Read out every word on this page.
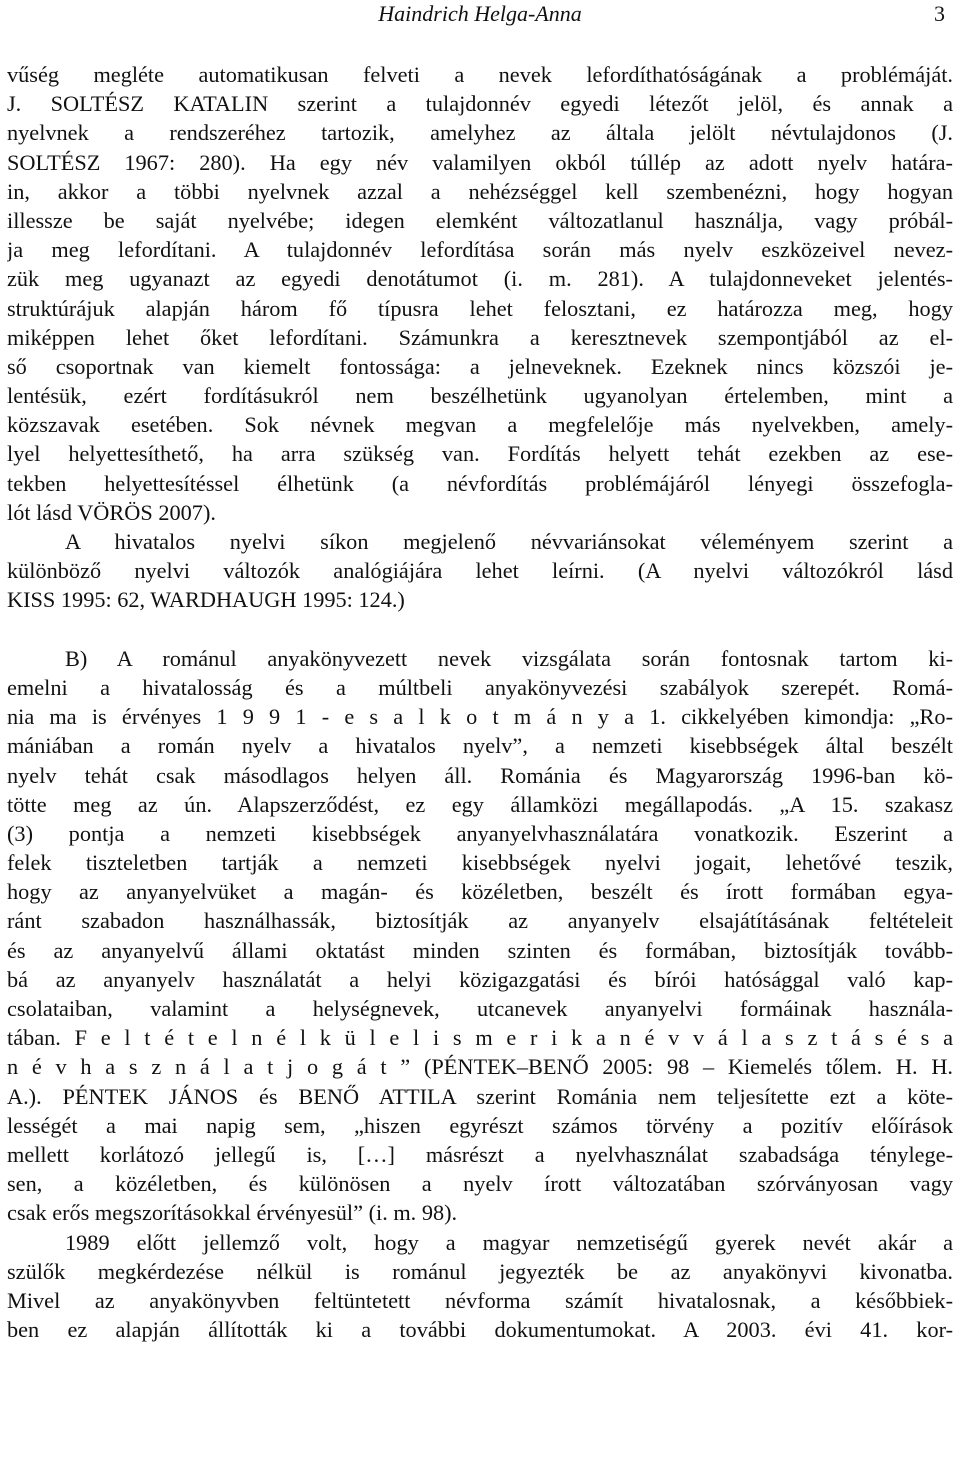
Haindrich Helga-Anna	3
vűség megléte automatikusan felveti a nevek lefordíthatóságának a problémáját.
J. SOLTÉSZ KATALIN szerint a tulajdonnév egyedi létezőt jelöl, és annak a
nyelvnek a rendszeréhez tartozik, amelyhez az általa jelölt névtulajdonos (J.
SOLTÉSZ 1967: 280). Ha egy név valamilyen okból túllép az adott nyelv határa-
in, akkor a többi nyelvnek azzal a nehézséggel kell szembenézni, hogy hogyan
illessze be saját nyelvébe; idegen elemként változatlanul használja, vagy próbál-
ja meg lefordítani. A tulajdonnév lefordítása során más nyelv eszközeivel nevez-
zük meg ugyanazt az egyedi denotátumot (i. m. 281). A tulajdonneveket jelentés-
struktúrájuk alapján három fő típusra lehet felosztani, ez határozza meg, hogy
miképpen lehet őket lefordítani. Számunkra a keresztnevek szempontjából az el-
ső csoportnak van kiemelt fontossága: a jelneveknek. Ezeknek nincs közszói je-
lentésük, ezért fordításukról nem beszélhetünk ugyanolyan értelemben, mint a
közszavak esetében. Sok névnek megvan a megfelelője más nyelvekben, amely-
lyel helyettesíthető, ha arra szükség van. Fordítás helyett tehát ezekben az ese-
tekben helyettesítéssel élhetünk (a névfordítás problémájáról lényegi összefogla-
lót lásd VÖRÖS 2007).
A hivatalos nyelvi síkon megjelenő névvariánsokat véleményem szerint a
különböző nyelvi változók analógiájára lehet leírni. (A nyelvi változókról lásd
KISS 1995: 62, WARDHAUGH 1995: 124.)
B) A románul anyakönyvezett nevek vizsgálata során fontosnak tartom ki-
emelni a hivatalosság és a múltbeli anyakönyvezési szabályok szerepét. Romá-
nia ma is érvényes 1 9 9 1 - e s a l k o t m á n y a 1. cikkelyében kimondja: „Ro-
mániában a román nyelv a hivatalos nyelv”, a nemzeti kisebbségek által beszélt
nyelv tehát csak másodlagos helyen áll. Románia és Magyarország 1996-ban kö-
tötte meg az ún. Alapszerződést, ez egy államközi megállapodás. „A 15. szakasz
(3) pontja a nemzeti kisebbségek anyanyelvhasználatára vonatkozik. Eszerint a
felek tiszteletben tartják a nemzeti kisebbségek nyelvi jogait, lehetővé teszik,
hogy az anyanyelvüket a magán- és közéletben, beszélt és írott formában egya-
ránt szabadon használhassák, biztosítják az anyanyelv elsajátításának feltételeit
és az anyanyelvű állami oktatást minden szinten és formában, biztosítják tovább-
bá az anyanyelv használatát a helyi közigazgatási és bírói hatósággal való kap-
csolataiban, valamint a helységnevek, utcanevek anyanyelvi formáinak használa-
tában. F e l t é t e l n é l k ü l e l i s m e r i k a n é v v á l a s z t á s é s a
n é v h a s z n á l a t j o g á t ” (PÉNTEK–BENŐ 2005: 98 – Kiemelés tőlem. H. H.
A.). PÉNTEK JÁNOS és BENŐ ATTILA szerint Románia nem teljesítette ezt a köte-
lességét a mai napig sem, „hiszen egyrészt számos törvény a pozitív előírások
mellett korlátozó jellegű is, […] másrészt a nyelvhasználat szabadsága ténylege-
sen, a közéletben, és különösen a nyelv írott változatában szórványosan vagy
csak erős megszorításokkal érvényesül” (i. m. 98).
1989 előtt jellemző volt, hogy a magyar nemzetiségű gyerek nevét akár a
szülők megkérdezése nélkül is románul jegyezték be az anyakönyvi kivonatba.
Mivel az anyakönyvben feltüntetett névforma számít hivatalosnak, a későbbiek-
ben ez alapján állították ki a további dokumentumokat. A 2003. évi 41. kor-
